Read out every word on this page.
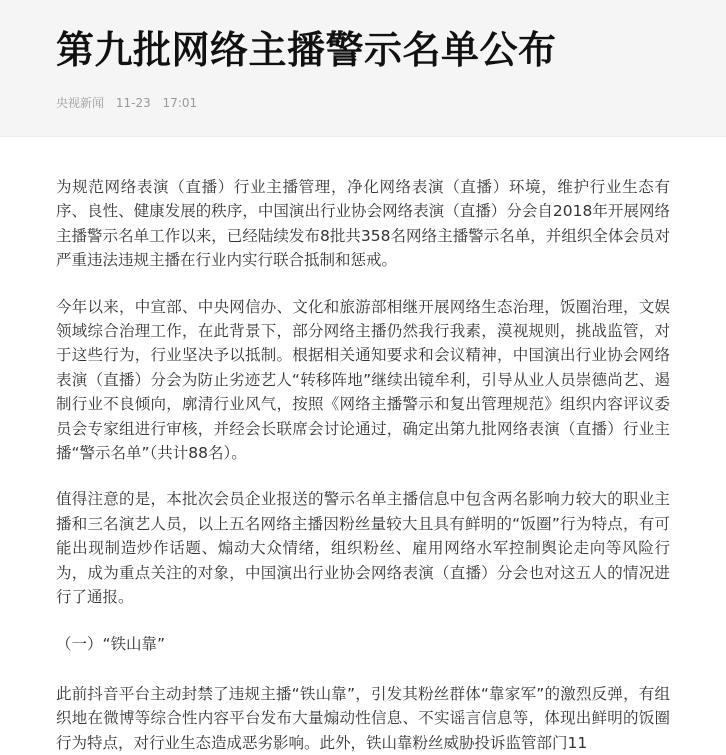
第九批网络主播警示名单公布
央视新闻 11-23 17:01

为规范网络表演（直播）行业主播管理，净化网络表演（直播）环境，维护行业生态有序、良性、健康发展的秩序，中国演出行业协会网络表演（直播）分会自2018年开展网络主播警示名单工作以来，已经陆续发布8批共358名网络主播警示名单，并组织全体会员对严重违法违规主播在行业内实行联合抵制和惩戒。

今年以来，中宣部、中央网信办、文化和旅游部相继开展网络生态治理，饭圈治理，文娱领域综合治理工作，在此背景下，部分网络主播仍然我行我素，漠视规则，挑战监管，对于这些行为，行业坚决予以抵制。根据相关通知要求和会议精神，中国演出行业协会网络表演（直播）分会为防止劣迹艺人“转移阵地”继续出镜牟利，引导从业人员崇德尚艺、遏制行业不良倾向，廓清行业风气，按照《网络主播警示和复出管理规范》组织内容评议委员会专家组进行审核，并经会长联席会讨论通过，确定出第九批网络表演（直播）行业主播“警示名单”（共计88名）。

值得注意的是，本批次会员企业报送的警示名单主播信息中包含两名影响力较大的职业主播和三名演艺人员，以上五名网络主播因粉丝量较大且具有鲜明的“饭圈”行为特点，有可能出现制造炒作话题、煽动大众情绪，组织粉丝、雇用网络水军控制舆论走向等风险行为，成为重点关注的对象，中国演出行业协会网络表演（直播）分会也对这五人的情况进行了通报。

（一）“铁山靠”

此前抖音平台主动封禁了违规主播“铁山靠”，引发其粉丝群体“靠家军”的激烈反弹，有组织地在微博等综合性内容平台发布大量煽动性信息、不实谣言信息等，体现出鲜明的饭圈行为特点，对行业生态造成恶劣影响。此外，铁山靠粉丝威胁投诉监管部门11
